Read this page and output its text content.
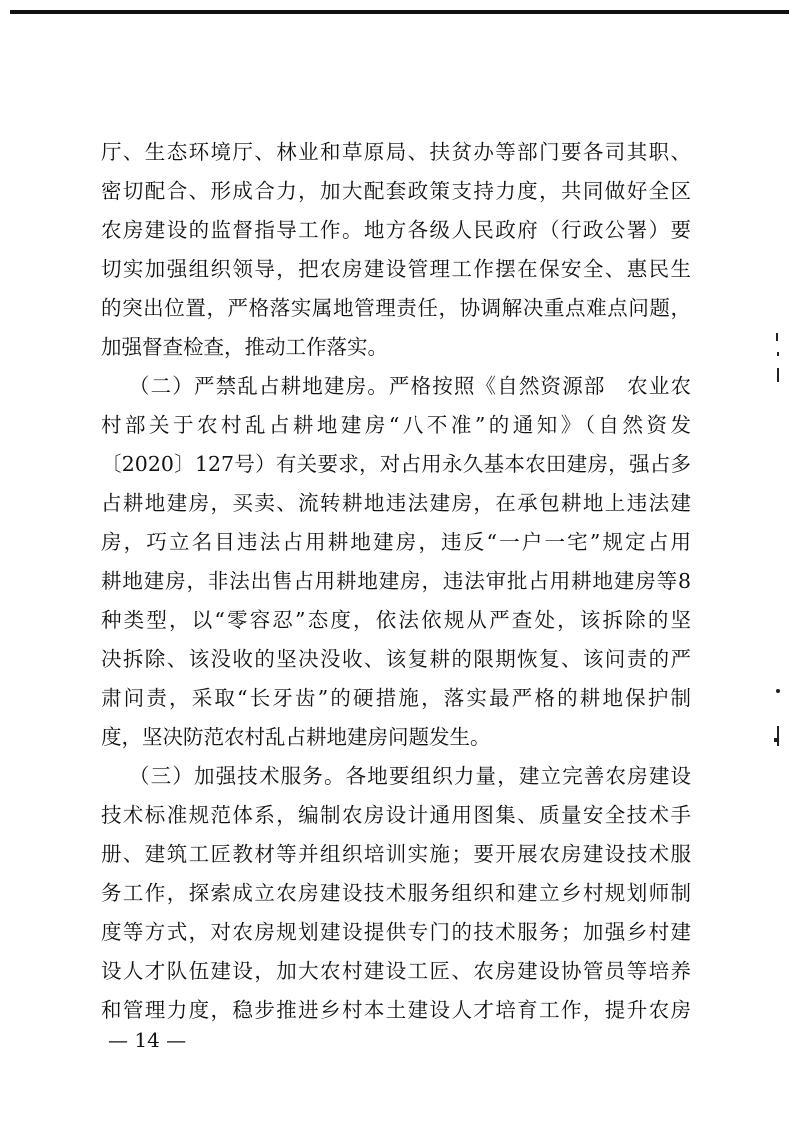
厅、生态环境厅、林业和草原局、扶贫办等部门要各司其职、
密切配合、形成合力，加大配套政策支持力度，共同做好全区
农房建设的监督指导工作。地方各级人民政府（行政公署）要
切实加强组织领导，把农房建设管理工作摆在保安全、惠民生
的突出位置，严格落实属地管理责任，协调解决重点难点问题，
加强督查检查，推动工作落实。
（二）严禁乱占耕地建房。严格按照《自然资源部　农业农
村部关于农村乱占耕地建房“八不准”的通知》（自然资发
〔2020〕127号）有关要求，对占用永久基本农田建房，强占多
占耕地建房，买卖、流转耕地违法建房，在承包耕地上违法建
房，巧立名目违法占用耕地建房，违反“一户一宅”规定占用
耕地建房，非法出售占用耕地建房，违法审批占用耕地建房等8
种类型，以“零容忍”态度，依法依规从严查处，该拆除的坚
决拆除、该没收的坚决没收、该复耕的限期恢复、该问责的严
肃问责，采取“长牙齿”的硬措施，落实最严格的耕地保护制
度，坚决防范农村乱占耕地建房问题发生。
（三）加强技术服务。各地要组织力量，建立完善农房建设
技术标准规范体系，编制农房设计通用图集、质量安全技术手
册、建筑工匠教材等并组织培训实施；要开展农房建设技术服
务工作，探索成立农房建设技术服务组织和建立乡村规划师制
度等方式，对农房规划建设提供专门的技术服务；加强乡村建
设人才队伍建设，加大农村建设工匠、农房建设协管员等培养
和管理力度，稳步推进乡村本土建设人才培育工作，提升农房
— 14 —
